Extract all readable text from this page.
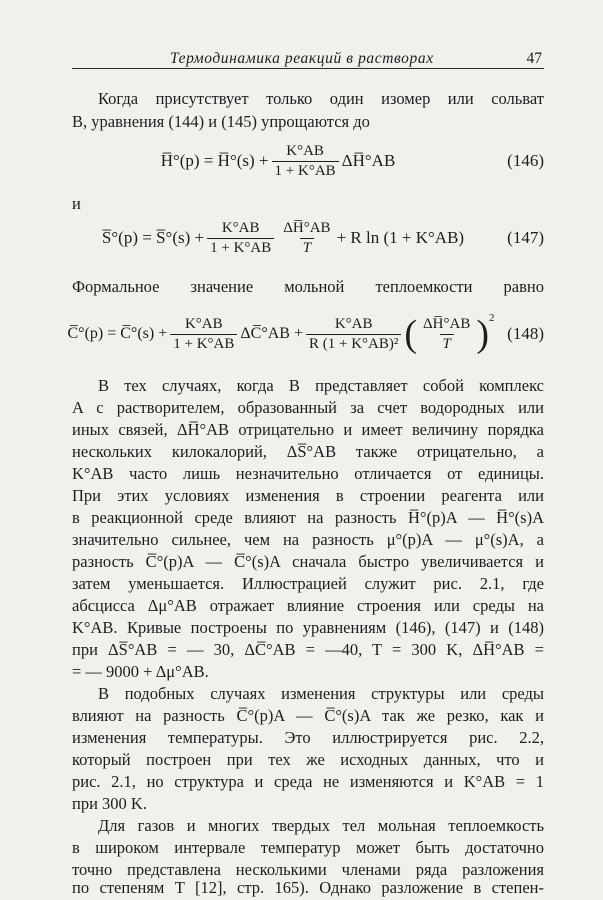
Термодинамика реакций в растворах	47
Когда присутствует только один изомер или сольват
B, уравнения (144) и (145) упрощаются до
H̅°(p) = H̅°(s) + $\frac{K^\circ AB}{1 + K^\circ AB}$ ΔH̅°AB	(146)
и
S̅°(p) = S̅°(s) + $\frac{K^\circ AB}{1 + K^\circ AB} \frac{\Delta H̅^\circ AB}{T} + R$ ln (1 + K°AB)	(147)
Формальное значение мольной теплоемкости равно
C̅°(p) = C̅°(s) + $\frac{K^\circ AB}{1 + K^\circ AB}$ ΔC̅°AB + $\frac{K^\circ AB}{\text{R (1 + K°AB)²}}$ ( $\frac{\Delta H̅^\circ AB}{T} )^2$
(148)
В тех случаях, когда B представляет собой комплекс
A с растворителем, образованный за счет водородных или
иных связей, ΔH̅°AB отрицательно и имеет величину порядка
нескольких килокалорий, ΔS̅°AB также отрицательно, а
K°AB часто лишь незначительно отличается от единицы.
При этих условиях изменения в строении реагента или
в реакционной среде влияют на разность H̅°(p)A — H̅°(s)A
значительно сильнее, чем на разность μ°(p)A — μ°(s)A, а
разность C̅°(p)A — C̅°(s)A сначала быстро увеличивается и
затем уменьшается. Иллюстрацией служит рис. 2.1, где
абсцисса Δμ°AB отражает влияние строения или среды на
K°AB. Кривые построены по уравнениям (146), (147) и (148)
при ΔS̅°AB = — 30, ΔC̅°AB = —40, T = 300 K, ΔH̅°AB =
= — 9000 + Δμ°AB.
В подобных случаях изменения структуры или среды
влияют на разность C̅°(p)A — C̅°(s)A так же резко, как и
изменения температуры. Это иллюстрируется рис. 2.2,
который построен при тех же исходных данных, что и
рис. 2.1, но структура и среда не изменяются и K°AB = 1
при 300 K.
Для газов и многих твердых тел мольная теплоемкость
в широком интервале температур может быть достаточно
точно представлена несколькими членами ряда разложения
по степеням T [12], стр. 165). Однако разложение в степен-
